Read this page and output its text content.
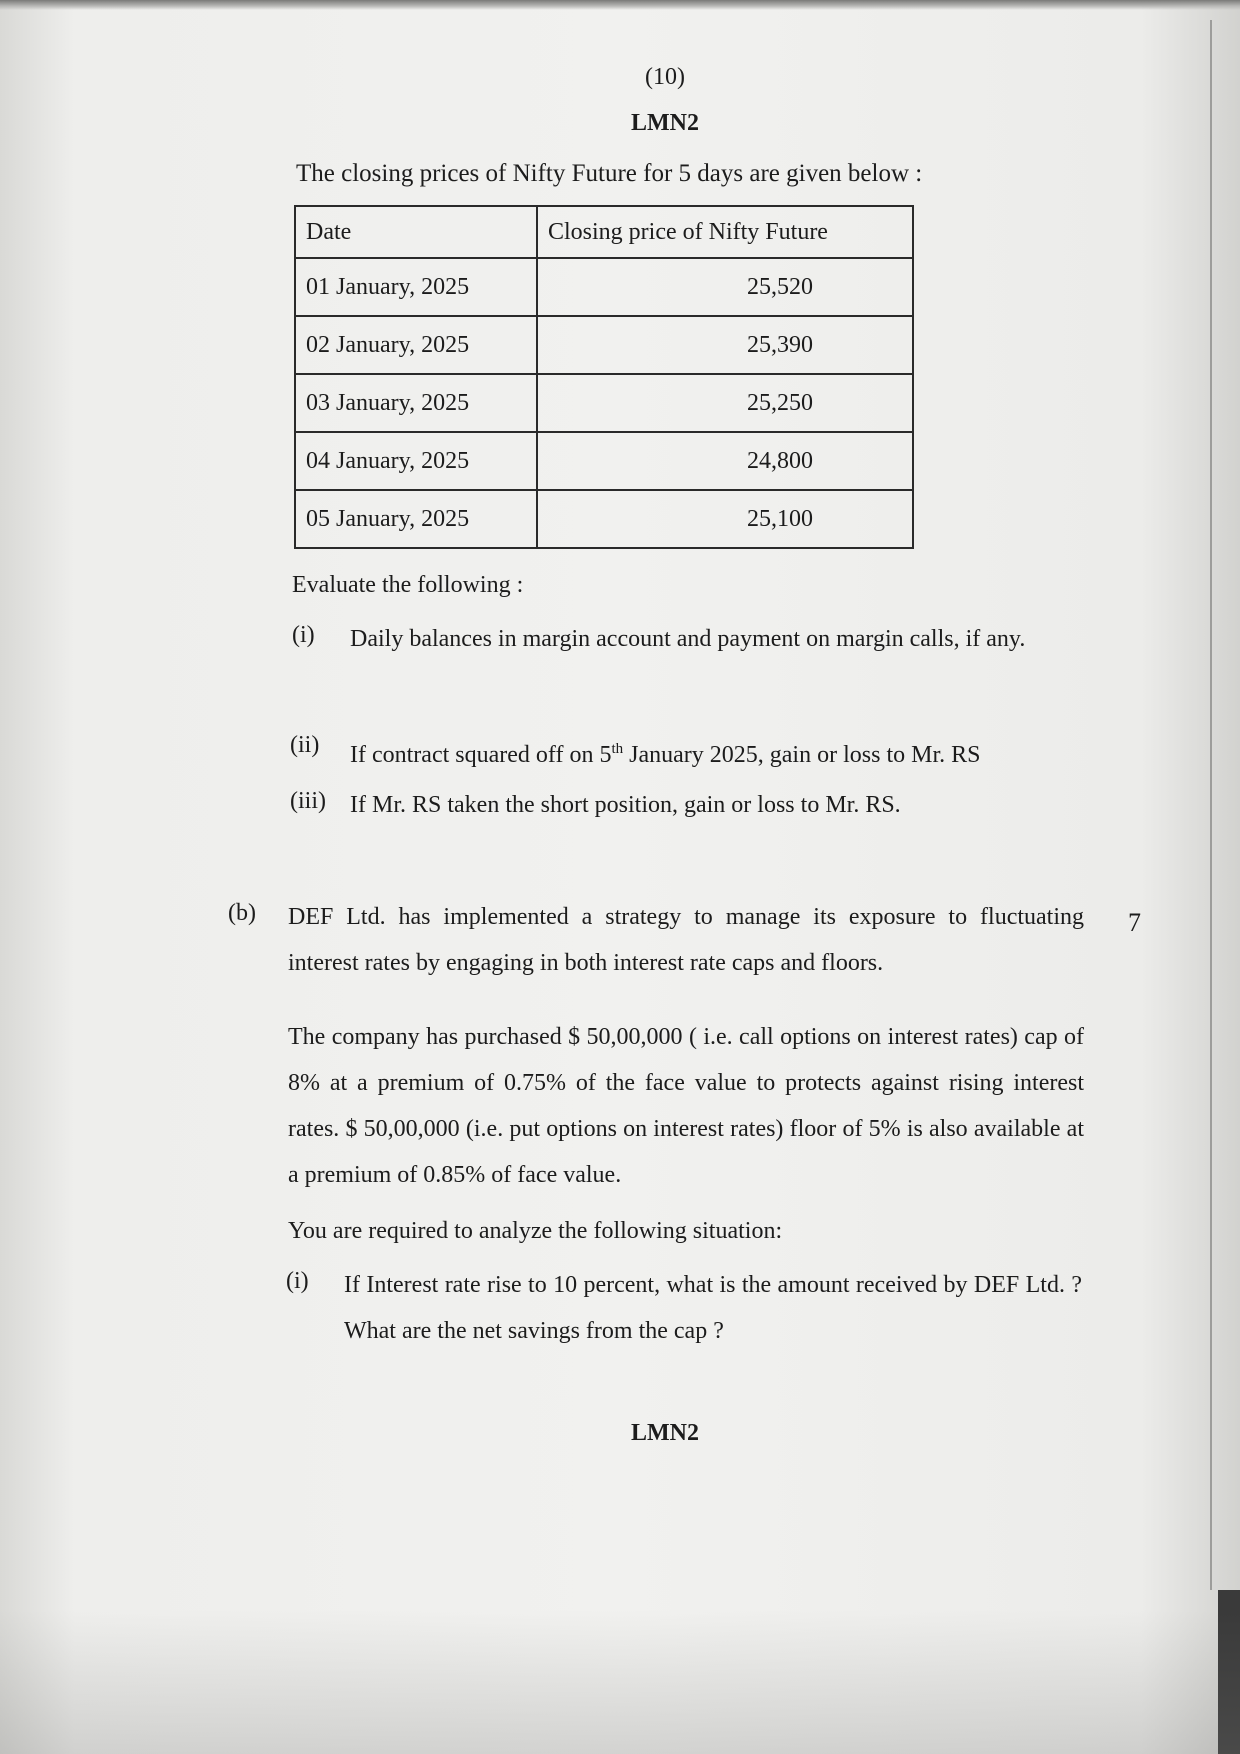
(10)
LMN2
The closing prices of Nifty Future for 5 days are given below :
Date	Closing price of Nifty Future
01 January, 2025	25,520
02 January, 2025	25,390
03 January, 2025	25,250
04 January, 2025	24,800
05 January, 2025	25,100
Evaluate the following :
(i) Daily balances in margin account and payment on margin calls, if any.
(ii) If contract squared off on 5th January 2025, gain or loss to Mr. RS
(iii) If Mr. RS taken the short position, gain or loss to Mr. RS.
(b) DEF Ltd. has implemented a strategy to manage its exposure to fluctuating interest rates by engaging in both interest rate caps and floors.
7
The company has purchased $ 50,00,000 ( i.e. call options on interest rates) cap of 8% at a premium of 0.75% of the face value to protects against rising interest rates. $ 50,00,000 (i.e. put options on interest rates) floor of 5% is also available at a premium of 0.85% of face value.
You are required to analyze the following situation:
(i) If Interest rate rise to 10 percent, what is the amount received by DEF Ltd. ? What are the net savings from the cap ?
LMN2
